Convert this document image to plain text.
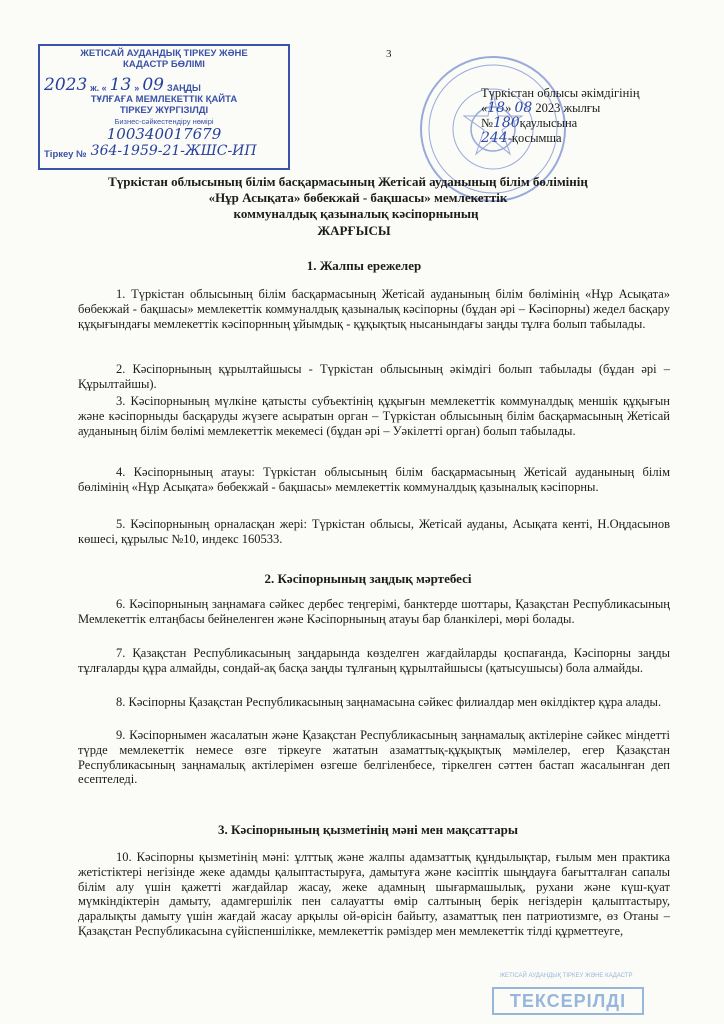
3
ЖЕТІСАЙ АУДАНДЫҚ ТІРКЕУ ЖӘНЕ
КАДАСТР БӨЛІМІ
2023 ж. « 13 » 09 ЗАҢДЫ
ТҰЛҒАҒА МЕМЛЕКЕТТІК ҚАЙТА
ТІРКЕУ ЖҮРГІЗІЛДІ
Бизнес-сәйкестендіру нөмірі
100340017679
Тіркеу № 364-1959-21-ЖШС-ИП
Түркістан облысы әкімдігінің
«18» 08 2023 жылғы
№180қаулысына
244-қосымша
Түркістан облысының білім басқармасының Жетісай ауданының білім бөлімінің
«Нұр Асықата» бөбекжай - бақшасы» мемлекеттік
коммуналдық қазыналық кәсіпорнының
ЖАРҒЫСЫ
1. Жалпы ережелер
1. Түркістан облысының білім басқармасының Жетісай ауданының білім бөлімінің «Нұр Асықата» бөбекжай - бақшасы» мемлекеттік коммуналдық қазыналық кәсіпорны (бұдан әрі – Кәсіпорны) жедел басқару құқығындағы мемлекеттік кәсіпорнның ұйымдық - құқықтық нысанындағы заңды тұлға болып табылады.
2. Кәсіпорнының құрылтайшысы - Түркістан облысының әкімдігі болып табылады (бұдан әрі –Құрылтайшы).
3. Кәсіпорнының мүлкіне қатысты субъектінің құқығын мемлекеттік коммуналдық меншік құқығын және кәсіпорныды басқаруды жүзеге асыратын орган – Түркістан облысының білім басқармасының Жетісай ауданының білім бөлімі мемлекеттік мекемесі (бұдан әрі – Уәкілетті орган) болып табылады.
4. Кәсіпорнының атауы: Түркістан облысының білім басқармасының Жетісай ауданының білім бөлімінің «Нұр Асықата» бөбекжай - бақшасы» мемлекеттік коммуналдық қазыналық кәсіпорны.
5. Кәсіпорнының орналасқан жері: Түркістан облысы, Жетісай ауданы, Асықата кенті, Н.Оңдасынов көшесі, құрылыс №10, индекс 160533.
2. Кәсіпорнының заңдық мәртебесі
6. Кәсіпорнының заңнамаға сәйкес дербес теңгерімі, банктерде шоттары, Қазақстан Республикасының Мемлекеттік елтаңбасы бейнеленген және Кәсіпорнының атауы бар бланкілері, мөрі болады.
7. Қазақстан Республикасының заңдарында көзделген жағдайларды қоспағанда, Кәсіпорны заңды тұлғаларды құра алмайды, сондай-ақ басқа заңды тұлғаның құрылтайшысы (қатысушысы) бола алмайды.
8. Кәсіпорны Қазақстан Республикасының заңнамасына сәйкес филиалдар мен өкілдіктер құра алады.
9. Кәсіпорнымен жасалатын және Қазақстан Республикасының заңнамалық актілеріне сәйкес міндетті түрде мемлекеттік немесе өзге тіркеуге жататын азаматтық-құқықтық мәмілелер, егер Қазақстан Республикасының заңнамалық актілерімен өзгеше белгіленбесе, тіркелген сәттен бастап жасалынған деп есептеледі.
3. Кәсіпорнының қызметінің мәні мен мақсаттары
10. Кәсіпорны қызметінің мәні: ұлттық және жалпы адамзаттық құндылықтар, ғылым мен практика жетістіктері негізінде жеке адамды қалыптастыруға, дамытуға және кәсіптік шыңдауға бағытталған сапалы білім алу үшін қажетті жағдайлар жасау, жеке адамның шығармашылық, рухани және күш-қуат мүмкіндіктерін дамыту, адамгершілік пен салауатты өмір салтының берік негіздерін қалыптастыру, даралықты дамыту үшін жағдай жасау арқылы ой-өрісін байыту, азаматтық пен патриотизмге, өз Отаны – Қазақстан Республикасына сүйіспеншілікке, мемлекеттік рәміздер мен мемлекеттік тілді құрметтеуге,
ЖЕТІСАЙ АУДАНДЫҚ ТІРКЕУ ЖӘНЕ КАДАСТР
ТЕКСЕРІЛДІ
